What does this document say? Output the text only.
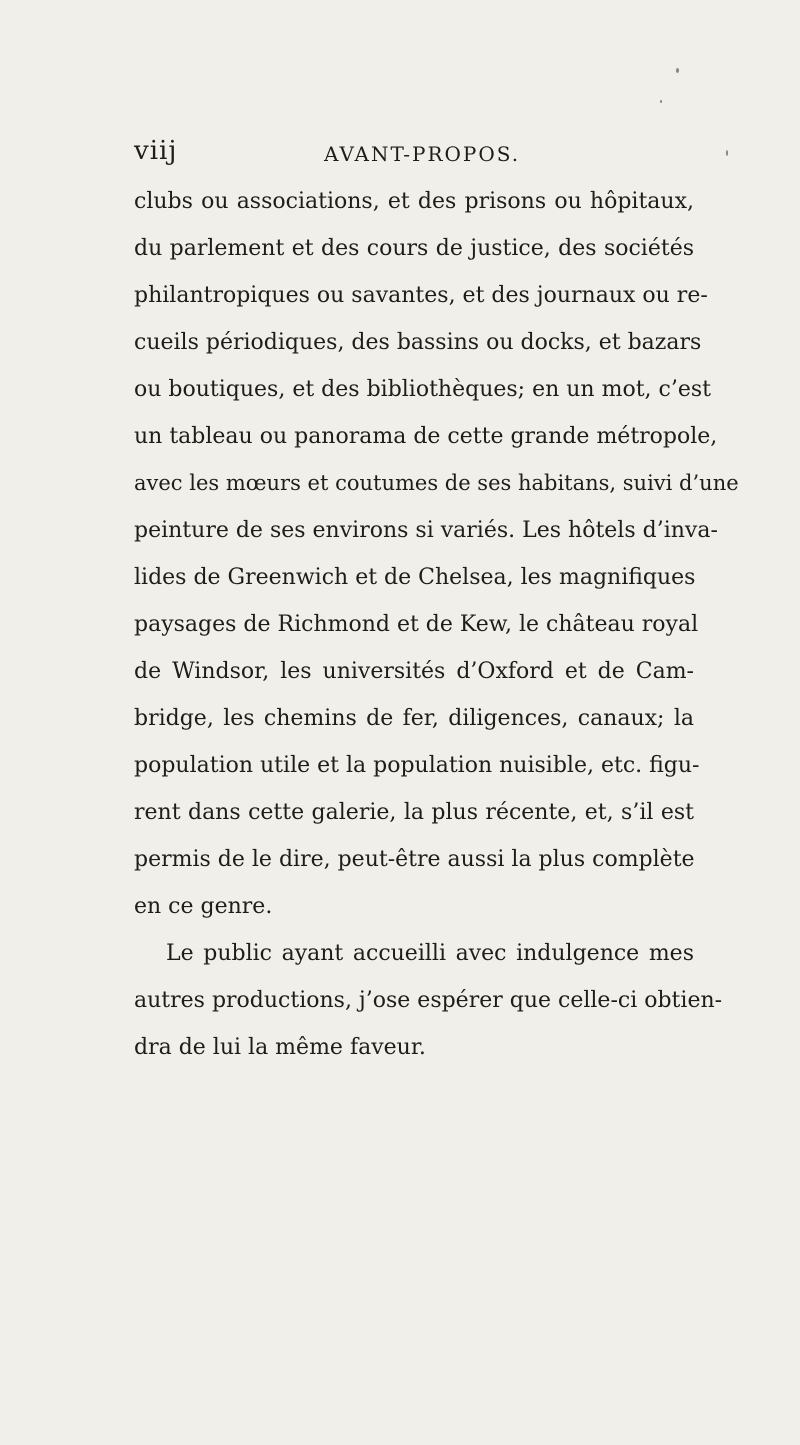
viij	AVANT-PROPOS.
clubs ou associations, et des prisons ou hôpitaux,
du parlement et des cours de justice, des sociétés
philantropiques ou savantes, et des journaux ou re-
cueils périodiques, des bassins ou docks, et bazars
ou boutiques, et des bibliothèques; en un mot, c’est
un tableau ou panorama de cette grande métropole,
avec les mœurs et coutumes de ses habitans, suivi d’une
peinture de ses environs si variés. Les hôtels d’inva-
lides de Greenwich et de Chelsea, les magnifiques
paysages de Richmond et de Kew, le château royal
de Windsor, les universités d’Oxford et de Cam-
bridge, les chemins de fer, diligences, canaux; la
population utile et la population nuisible, etc. figu-
rent dans cette galerie, la plus récente, et, s’il est
permis de le dire, peut-être aussi la plus complète
en ce genre.
Le public ayant accueilli avec indulgence mes
autres productions, j’ose espérer que celle-ci obtien-
dra de lui la même faveur.
